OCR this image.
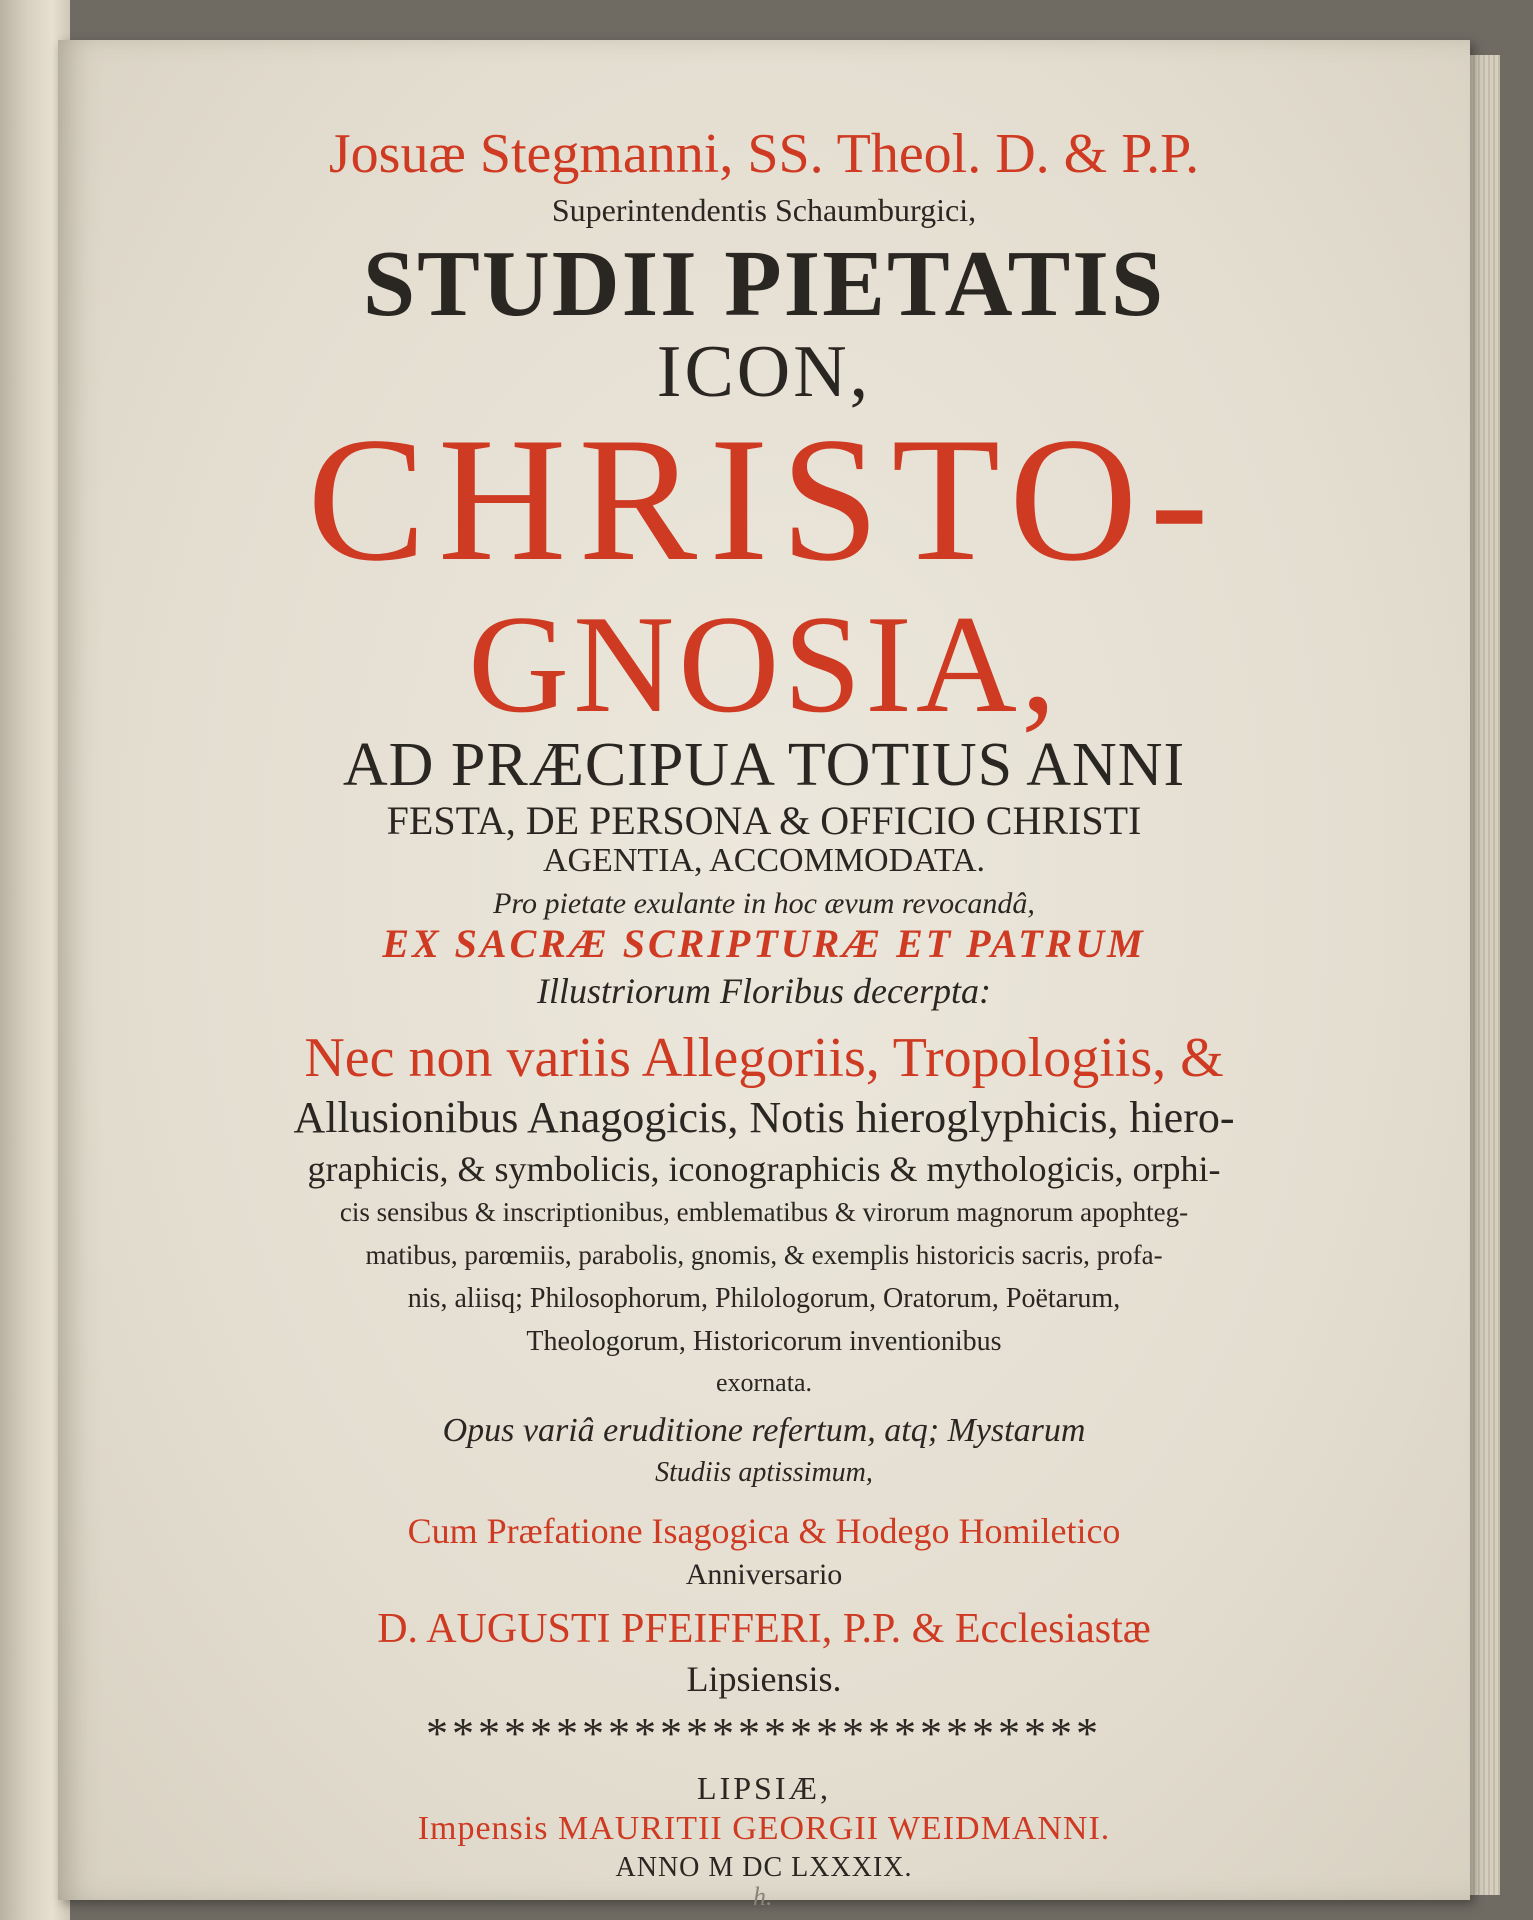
Josuæ Stegmanni, SS. Theol. D. & P.P.
Superintendentis Schaumburgici,
STUDII PIETATIS
ICON,
CHRISTO-
GNOSIA,
AD PRÆCIPUA TOTIUS ANNI
FESTA, DE PERSONA & OFFICIO CHRISTI
AGENTIA, ACCOMMODATA.
Pro pietate exulante in hoc ævum revocandâ,
EX SACRÆ SCRIPTURÆ ET PATRUM
Illustriorum Floribus decerpta:
Nec non variis Allegoriis, Tropologiis, &
Allusionibus Anagogicis, Notis hieroglyphicis, hiero-
graphicis, & symbolicis, iconographicis & mythologicis, orphi-
cis sensibus & inscriptionibus, emblematibus & virorum magnorum apophteg-
matibus, parœmiis, parabolis, gnomis, & exemplis historicis sacris, profa-
nis, aliisq; Philosophorum, Philologorum, Oratorum, Poëtarum,
Theologorum, Historicorum inventionibus
exornata.
Opus variâ eruditione refertum, atq; Mystarum
Studiis aptissimum,
Cum Præfatione Isagogica & Hodego Homiletico
Anniversario
D. AUGUSTI PFEIFFERI, P.P. & Ecclesiastæ
Lipsiensis.
**************************
LIPSIÆ,
Impensis MAURITII GEORGII WEIDMANNI.
ANNO M DC LXXXIX.
h.
